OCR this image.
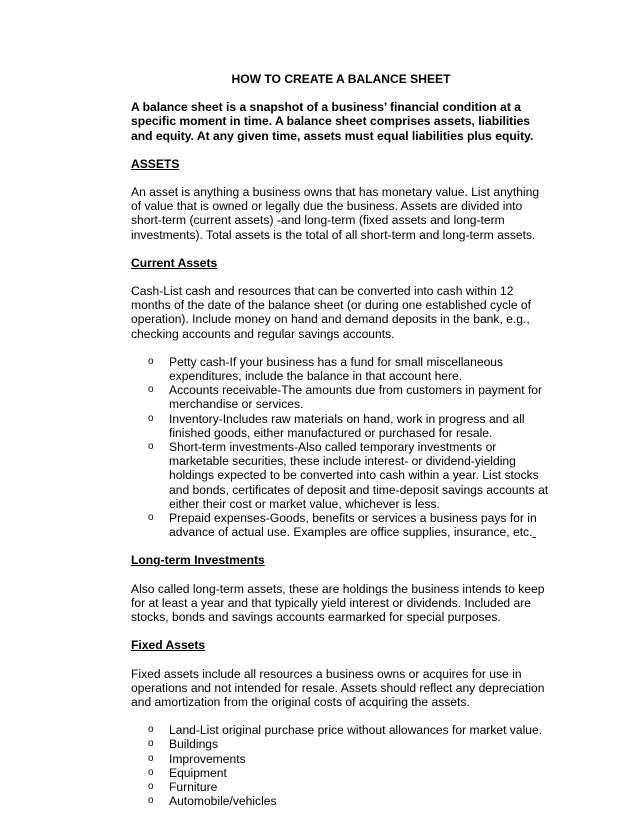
HOW TO CREATE A BALANCE SHEET

A balance sheet is a snapshot of a business’ financial condition at a specific moment in time. A balance sheet comprises assets, liabilities and equity. At any given time, assets must equal liabilities plus equity.

ASSETS

An asset is anything a business owns that has monetary value. List anything of value that is owned or legally due the business. Assets are divided into short-term (current assets) -and long-term (fixed assets and long-term investments). Total assets is the total of all short-term and long-term assets.

Current Assets

Cash-List cash and resources that can be converted into cash within 12 months of the date of the balance sheet (or during one established cycle of operation). Include money on hand and demand deposits in the bank, e.g., checking accounts and regular savings accounts.

o Petty cash-If your business has a fund for small miscellaneous expenditures, include the balance in that account here.
o Accounts receivable-The amounts due from customers in payment for merchandise or services.
o Inventory-Includes raw materials on hand, work in progress and all finished goods, either manufactured or purchased for resale.
o Short-term investments-Also called temporary investments or marketable securities, these include interest- or dividend-yielding holdings expected to be converted into cash within a year. List stocks and bonds, certificates of deposit and time-deposit savings accounts at either their cost or market value, whichever is less.
o Prepaid expenses-Goods, benefits or services a business pays for in advance of actual use. Examples are office supplies, insurance, etc.
Long-term Investments

Also called long-term assets, these are holdings the business intends to keep for at least a year and that typically yield interest or dividends. Included are stocks, bonds and savings accounts earmarked for special purposes.

Fixed Assets

Fixed assets include all resources a business owns or acquires for use in operations and not intended for resale. Assets should reflect any depreciation and amortization from the original costs of acquiring the assets.

o Land-List original purchase price without allowances for market value.
o Buildings
o Improvements
o Equipment
o Furniture
o Automobile/vehicles
